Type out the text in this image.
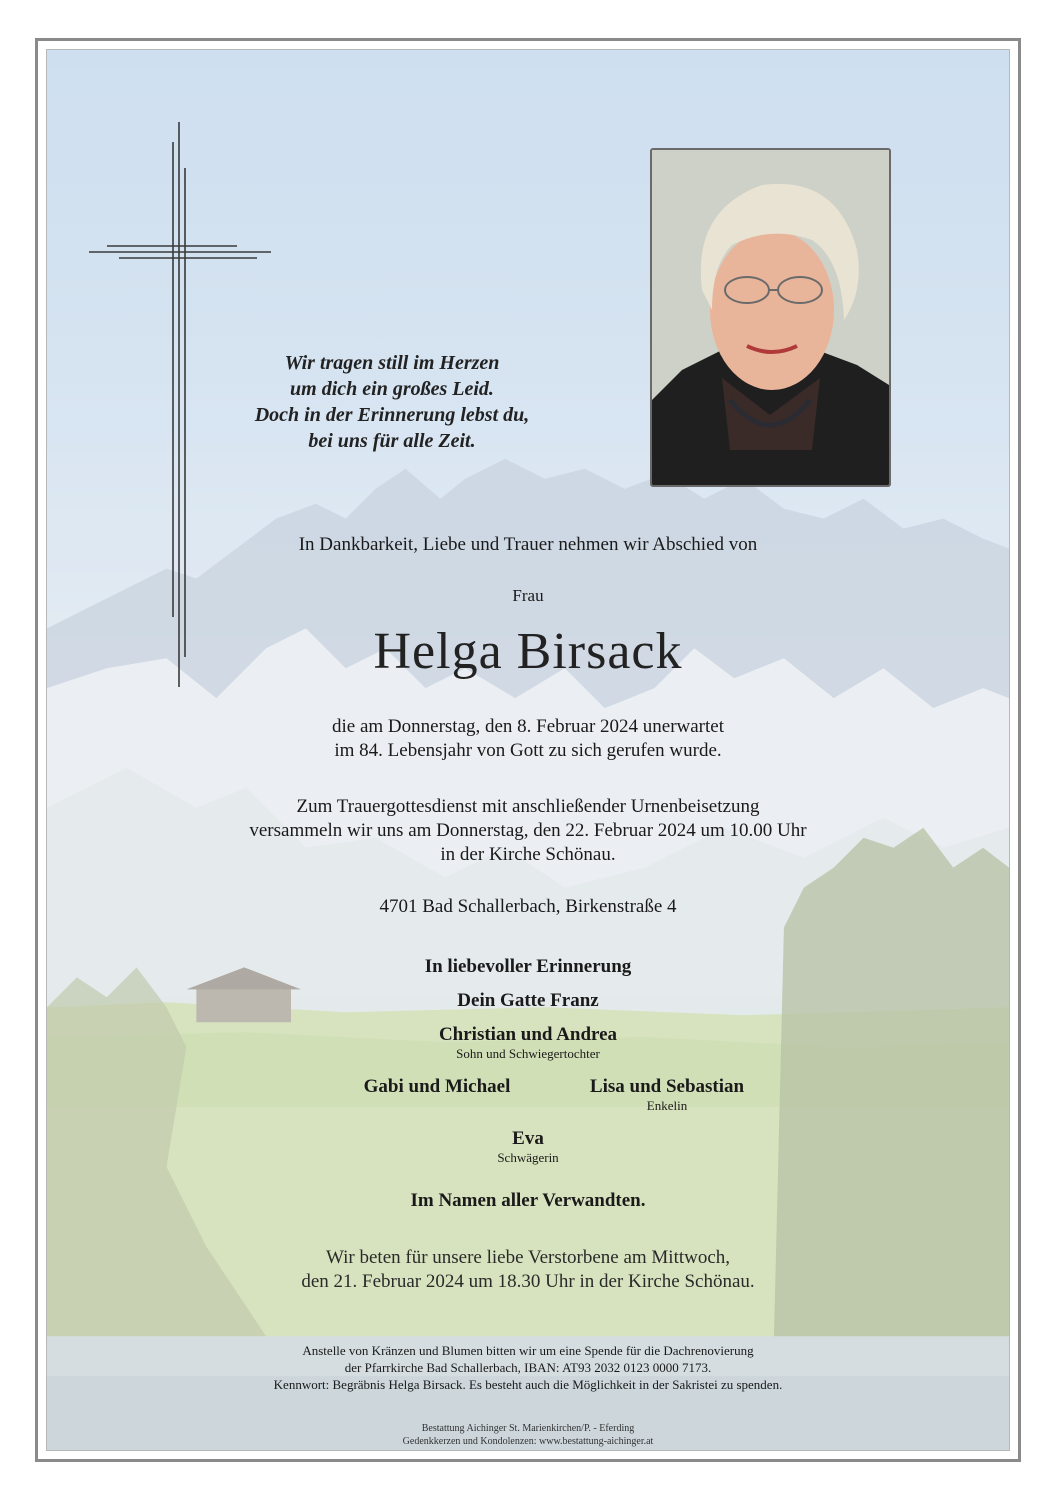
Wir tragen still im Herzen
um dich ein großes Leid.
Doch in der Erinnerung lebst du,
bei uns für alle Zeit.
In Dankbarkeit, Liebe und Trauer nehmen wir Abschied von
Frau
Helga Birsack
die am Donnerstag, den 8. Februar 2024 unerwartet
im 84. Lebensjahr von Gott zu sich gerufen wurde.
Zum Trauergottesdienst mit anschließender Urnenbeisetzung
versammeln wir uns am Donnerstag, den 22. Februar 2024 um 10.00 Uhr
in der Kirche Schönau.
4701 Bad Schallerbach, Birkenstraße 4
In liebevoller Erinnerung
Dein Gatte Franz
Christian und Andrea
Sohn und Schwiegertochter
Gabi und Michael	Lisa und Sebastian
Enkelin
Eva
Schwägerin
Im Namen aller Verwandten.
Wir beten für unsere liebe Verstorbene am Mittwoch,
den 21. Februar 2024 um 18.30 Uhr in der Kirche Schönau.
Anstelle von Kränzen und Blumen bitten wir um eine Spende für die Dachrenovierung
der Pfarrkirche Bad Schallerbach, IBAN: AT93 2032 0123 0000 7173.
Kennwort: Begräbnis Helga Birsack. Es besteht auch die Möglichkeit in der Sakristei zu spenden.
Bestattung Aichinger St. Marienkirchen/P. - Eferding
Gedenkkerzen und Kondolenzen: www.bestattung-aichinger.at
